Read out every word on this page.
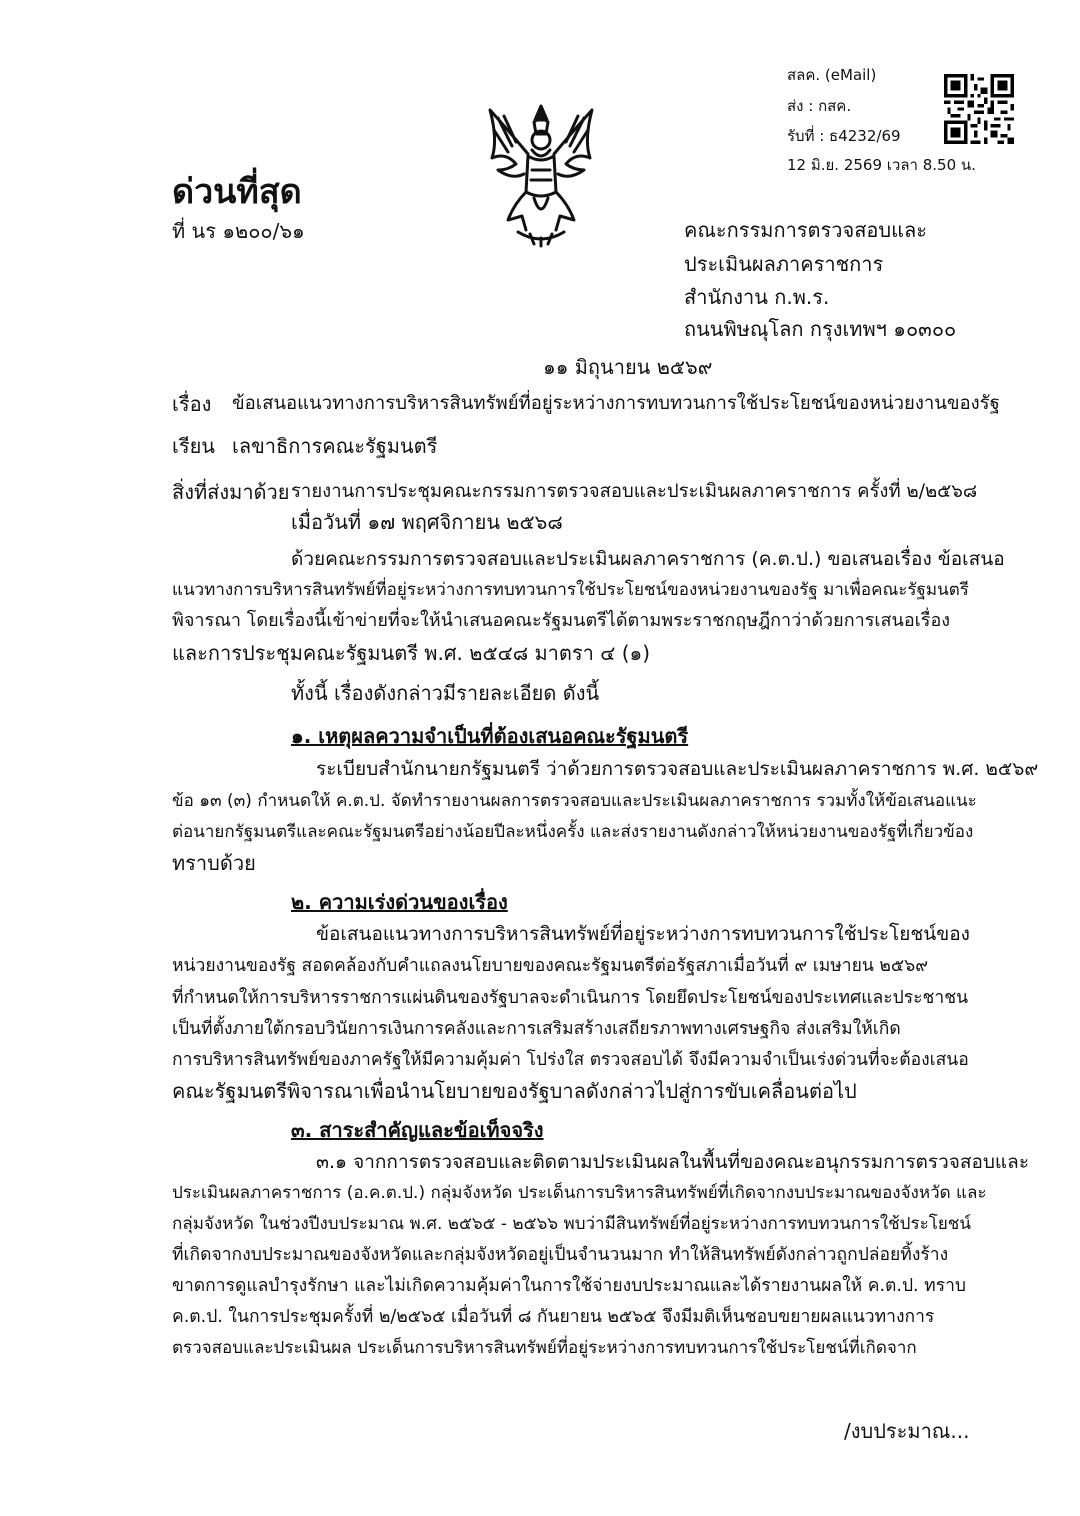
สลค. (eMail)
ส่ง : กสค.
รับที่ : ธ4232/69
12 มิ.ย. 2569 เวลา 8.50 น.
ด่วนที่สุด
ที่ นร ๑๒๐๐/๖๑	คณะกรรมการตรวจสอบและ
ประเมินผลภาคราชการ
สำนักงาน ก.พ.ร.
ถนนพิษณุโลก กรุงเทพฯ ๑๐๓๐๐
๑๑ มิถุนายน ๒๕๖๙
เรื่อง ข้อเสนอแนวทางการบริหารสินทรัพย์ที่อยู่ระหว่างการทบทวนการใช้ประโยชน์ของหน่วยงานของรัฐ
เรียน เลขาธิการคณะรัฐมนตรี
สิ่งที่ส่งมาด้วย รายงานการประชุมคณะกรรมการตรวจสอบและประเมินผลภาคราชการ ครั้งที่ ๒/๒๕๖๘
เมื่อวันที่ ๑๗ พฤศจิกายน ๒๕๖๘
ด้วยคณะกรรมการตรวจสอบและประเมินผลภาคราชการ (ค.ต.ป.) ขอเสนอเรื่อง ข้อเสนอ
แนวทางการบริหารสินทรัพย์ที่อยู่ระหว่างการทบทวนการใช้ประโยชน์ของหน่วยงานของรัฐ มาเพื่อคณะรัฐมนตรี
พิจารณา โดยเรื่องนี้เข้าข่ายที่จะให้นำเสนอคณะรัฐมนตรีได้ตามพระราชกฤษฎีกาว่าด้วยการเสนอเรื่อง
และการประชุมคณะรัฐมนตรี พ.ศ. ๒๕๔๘ มาตรา ๔ (๑)
ทั้งนี้ เรื่องดังกล่าวมีรายละเอียด ดังนี้
๑. เหตุผลความจำเป็นที่ต้องเสนอคณะรัฐมนตรี
ระเบียบสำนักนายกรัฐมนตรี ว่าด้วยการตรวจสอบและประเมินผลภาคราชการ พ.ศ. ๒๕๖๙
ข้อ ๑๓ (๓) กำหนดให้ ค.ต.ป. จัดทำรายงานผลการตรวจสอบและประเมินผลภาคราชการ รวมทั้งให้ข้อเสนอแนะ
ต่อนายกรัฐมนตรีและคณะรัฐมนตรีอย่างน้อยปีละหนึ่งครั้ง และส่งรายงานดังกล่าวให้หน่วยงานของรัฐที่เกี่ยวข้อง
ทราบด้วย
๒. ความเร่งด่วนของเรื่อง
ข้อเสนอแนวทางการบริหารสินทรัพย์ที่อยู่ระหว่างการทบทวนการใช้ประโยชน์ของ
หน่วยงานของรัฐ สอดคล้องกับคำแถลงนโยบายของคณะรัฐมนตรีต่อรัฐสภาเมื่อวันที่ ๙ เมษายน ๒๕๖๙
ที่กำหนดให้การบริหารราชการแผ่นดินของรัฐบาลจะดำเนินการ โดยยึดประโยชน์ของประเทศและประชาชน
เป็นที่ตั้งภายใต้กรอบวินัยการเงินการคลังและการเสริมสร้างเสถียรภาพทางเศรษฐกิจ ส่งเสริมให้เกิด
การบริหารสินทรัพย์ของภาครัฐให้มีความคุ้มค่า โปร่งใส ตรวจสอบได้ จึงมีความจำเป็นเร่งด่วนที่จะต้องเสนอ
คณะรัฐมนตรีพิจารณาเพื่อนำนโยบายของรัฐบาลดังกล่าวไปสู่การขับเคลื่อนต่อไป
๓. สาระสำคัญและข้อเท็จจริง
๓.๑ จากการตรวจสอบและติดตามประเมินผลในพื้นที่ของคณะอนุกรรมการตรวจสอบและ
ประเมินผลภาคราชการ (อ.ค.ต.ป.) กลุ่มจังหวัด ประเด็นการบริหารสินทรัพย์ที่เกิดจากงบประมาณของจังหวัด และ
กลุ่มจังหวัด ในช่วงปีงบประมาณ พ.ศ. ๒๕๖๕ - ๒๕๖๖ พบว่ามีสินทรัพย์ที่อยู่ระหว่างการทบทวนการใช้ประโยชน์
ที่เกิดจากงบประมาณของจังหวัดและกลุ่มจังหวัดอยู่เป็นจำนวนมาก ทำให้สินทรัพย์ดังกล่าวถูกปล่อยทิ้งร้าง
ขาดการดูแลบำรุงรักษา และไม่เกิดความคุ้มค่าในการใช้จ่ายงบประมาณและได้รายงานผลให้ ค.ต.ป. ทราบ
ค.ต.ป. ในการประชุมครั้งที่ ๒/๒๕๖๕ เมื่อวันที่ ๘ กันยายน ๒๕๖๕ จึงมีมติเห็นชอบขยายผลแนวทางการ
ตรวจสอบและประเมินผล ประเด็นการบริหารสินทรัพย์ที่อยู่ระหว่างการทบทวนการใช้ประโยชน์ที่เกิดจาก
/งบประมาณ...
